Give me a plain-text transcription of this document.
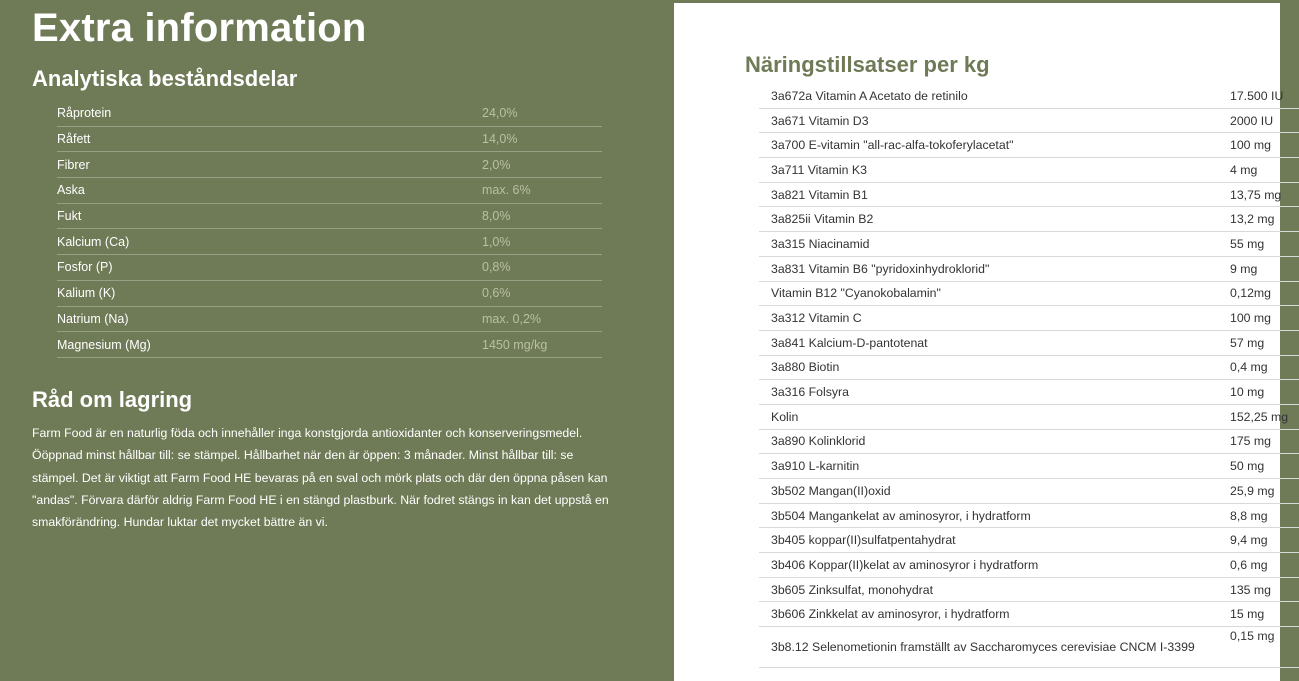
Extra information
Analytiska beståndsdelar
Råprotein	24,0%
Råfett	14,0%
Fibrer	2,0%
Aska	max. 6%
Fukt	8,0%
Kalcium (Ca)	1,0%
Fosfor (P)	0,8%
Kalium (K)	0,6%
Natrium (Na)	max. 0,2%
Magnesium (Mg)	1450 mg/kg
Råd om lagring

Farm Food är en naturlig föda och innehåller inga konstgjorda antioxidanter och konserveringsmedel. Ööppnad minst hållbar till: se stämpel. Hållbarhet när den är öppen: 3 månader. Minst hållbar till: se stämpel. Det är viktigt att Farm Food HE bevaras på en sval och mörk plats och där den öppna påsen kan "andas". Förvara därför aldrig Farm Food HE i en stängd plastburk. När fodret stängs in kan det uppstå en smakförändring. Hundar luktar det mycket bättre än vi.

Näringstillsatser per kg
3a672a Vitamin A Acetato de retinilo	17.500 IU
3a671 Vitamin D3	2000 IU
3a700 E-vitamin "all-rac-alfa-tokoferylacetat"	100 mg
3a711 Vitamin K3	4 mg
3a821 Vitamin B1	13,75 mg
3a825ii Vitamin B2	13,2 mg
3a315 Niacinamid	55 mg
3a831 Vitamin B6 "pyridoxinhydroklorid"	9 mg
Vitamin B12 "Cyanokobalamin"	0,12mg
3a312 Vitamin C	100 mg
3a841 Kalcium-D-pantotenat	57 mg
3a880 Biotin	0,4 mg
3a316 Folsyra	10 mg
Kolin	152,25 mg
3a890 Kolinklorid	175 mg
3a910 L-karnitin	50 mg
3b502 Mangan(II)oxid	25,9 mg
3b504 Mangankelat av aminosyror, i hydratform	8,8 mg
3b405 koppar(II)sulfatpentahydrat	9,4 mg
3b406 Koppar(II)kelat av aminosyror i hydratform	0,6 mg
3b605 Zinksulfat, monohydrat	135 mg
3b606 Zinkkelat av aminosyror, i hydratform	15 mg
3b8.12 Selenometionin framställt av Saccharomyces cerevisiae CNCM I-3399	0,15 mg
